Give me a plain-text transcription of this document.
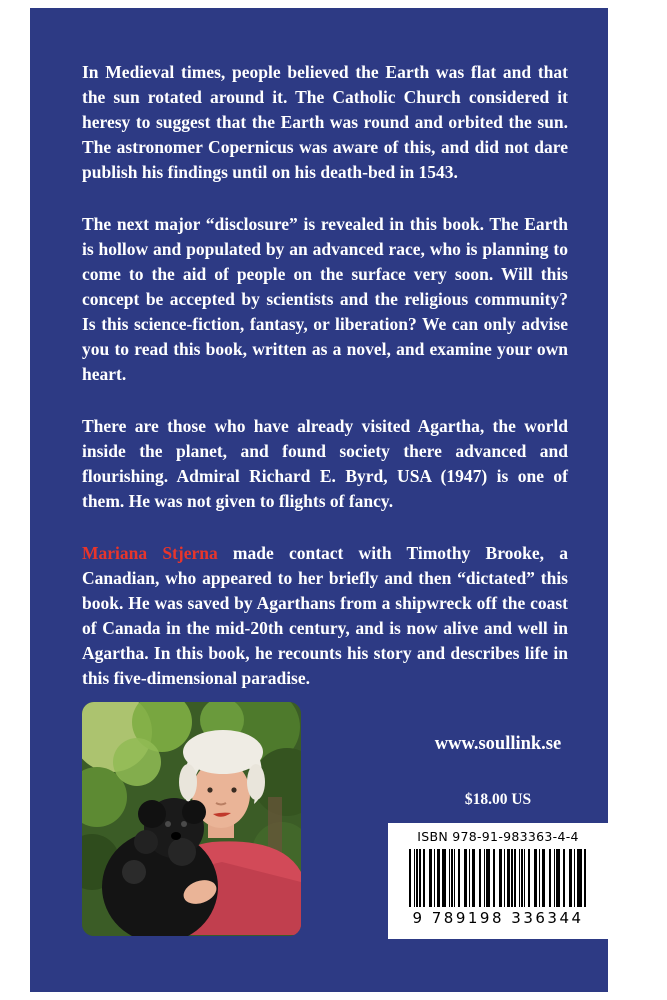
In Medieval times, people believed the Earth was flat and that the sun rotated around it. The Catholic Church considered it heresy to suggest that the Earth was round and orbited the sun. The astronomer Copernicus was aware of this, and did not dare publish his findings until on his death-bed in 1543.

The next major “disclosure” is revealed in this book. The Earth is hollow and populated by an advanced race, who is planning to come to the aid of people on the surface very soon. Will this concept be accepted by scientists and the religious community? Is this science-fiction, fantasy, or liberation? We can only advise you to read this book, written as a novel, and examine your own heart.

There are those who have already visited Agartha, the world inside the planet, and found society there advanced and flourishing. Admiral Richard E. Byrd, USA (1947) is one of them. He was not given to flights of fancy.

Mariana Stjerna made contact with Timothy Brooke, a Canadian, who appeared to her briefly and then “dictated” this book. He was saved by Agarthans from a shipwreck off the coast of Canada in the mid-20th century, and is now alive and well in Agartha. In this book, he recounts his story and describes life in this five-dimensional paradise.

www.soullink.se
$18.00 US
ISBN 978-91-983363-4-4
9 789198 336344
